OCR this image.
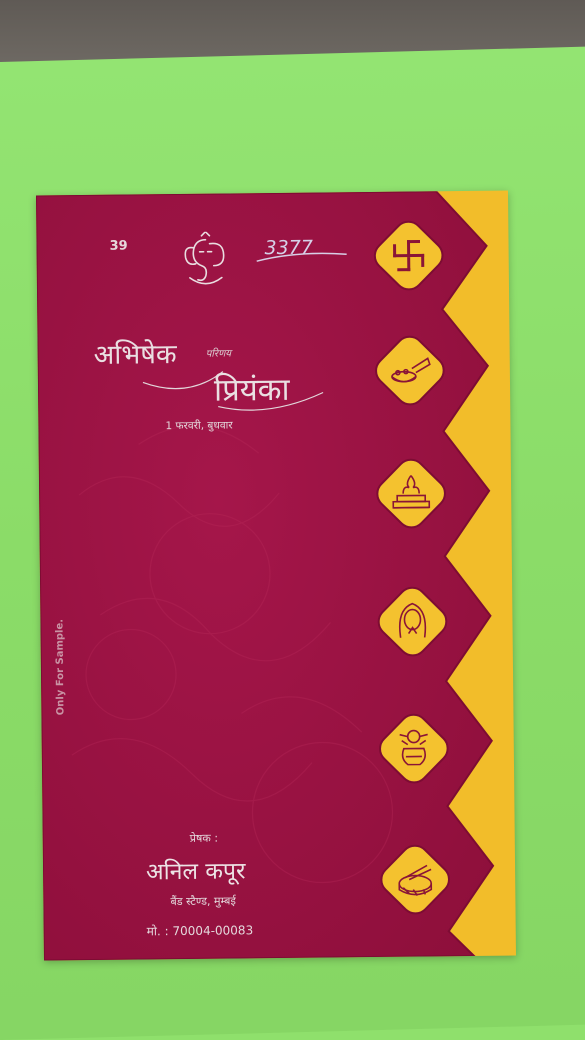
39	3377
अभिषेक	परिणय
प्रियंका
1 फरवरी, बुधवार
Only For Sample.
प्रेषक :
अनिल कपूर
बैंड स्टैण्ड, मुम्बई
मो. : 70004-00083
